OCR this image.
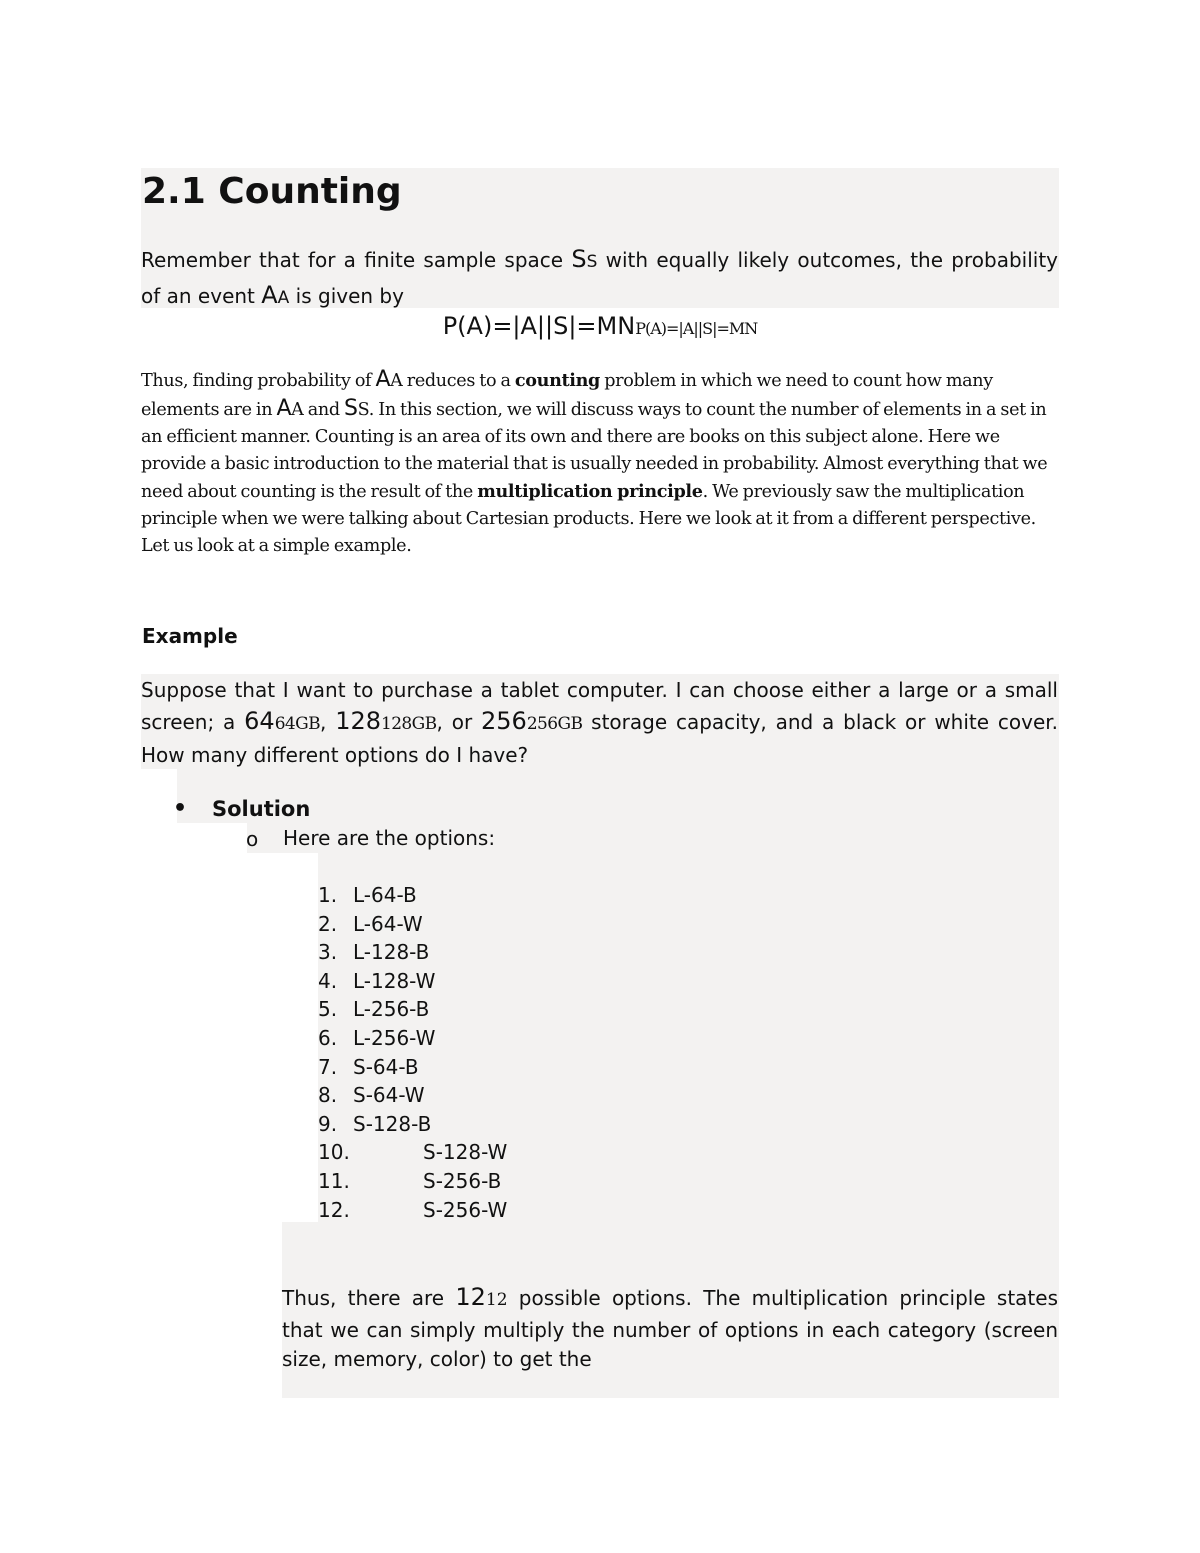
2.1 Counting
Remember that for a finite sample space SS with equally likely outcomes, the probability of an event AA is given by
P(A)=|A||S|=MNP(A)=|A||S|=MN
Thus, finding probability of AA reduces to a counting problem in which we need to count how many elements are in AA and SS. In this section, we will discuss ways to count the number of elements in a set in an efficient manner. Counting is an area of its own and there are books on this subject alone. Here we provide a basic introduction to the material that is usually needed in probability. Almost everything that we need about counting is the result of the multiplication principle. We previously saw the multiplication principle when we were talking about Cartesian products. Here we look at it from a different perspective. Let us look at a simple example.
Example
Suppose that I want to purchase a tablet computer. I can choose either a large or a small screen; a 6464GB, 128128GB, or 256256GB storage capacity, and a black or white cover. How many different options do I have?
• Solution
o Here are the options:
1. L-64-B
2. L-64-W
3. L-128-B
4. L-128-W
5. L-256-B
6. L-256-W
7. S-64-B
8. S-64-W
9. S-128-B
10.	S-128-W
11.	S-256-B
12.	S-256-W
Thus, there are 1212 possible options. The multiplication principle states that we can simply multiply the number of options in each category (screen size, memory, color) to get the
